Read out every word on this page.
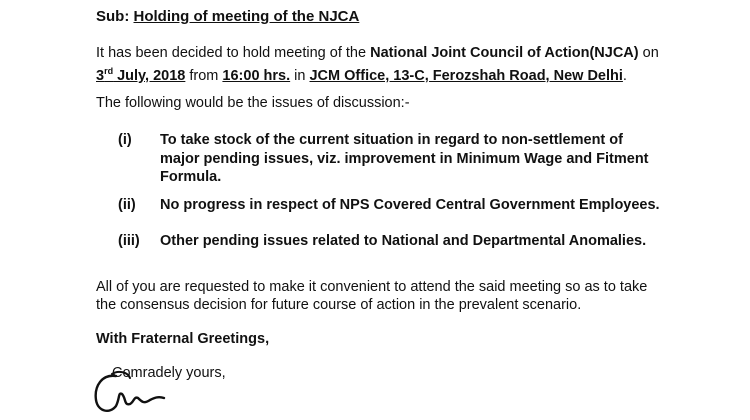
Sub: Holding of meeting of the NJCA
It has been decided to hold meeting of the National Joint Council of Action(NJCA) on
3rd July, 2018 from 16:00 hrs. in JCM Office, 13-C, Ferozshah Road, New Delhi.
The following would be the issues of discussion:-
(i) To take stock of the current situation in regard to non-settlement of
major pending issues, viz. improvement in Minimum Wage and Fitment
Formula.
(ii) No progress in respect of NPS Covered Central Government Employees.
(iii) Other pending issues related to National and Departmental Anomalies.
All of you are requested to make it convenient to attend the said meeting so as to take
the consensus decision for future course of action in the prevalent scenario.
With Fraternal Greetings,
Comradely yours,
